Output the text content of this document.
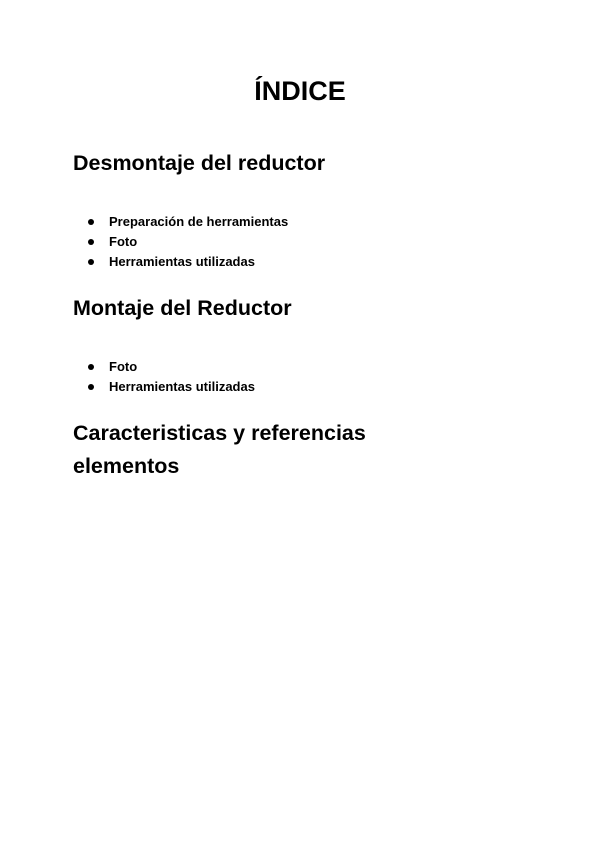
ÍNDICE
Desmontaje del reductor
Preparación de herramientas
Foto
Herramientas utilizadas
Montaje del Reductor
Foto
Herramientas utilizadas
Caracteristicas y referencias
elementos
